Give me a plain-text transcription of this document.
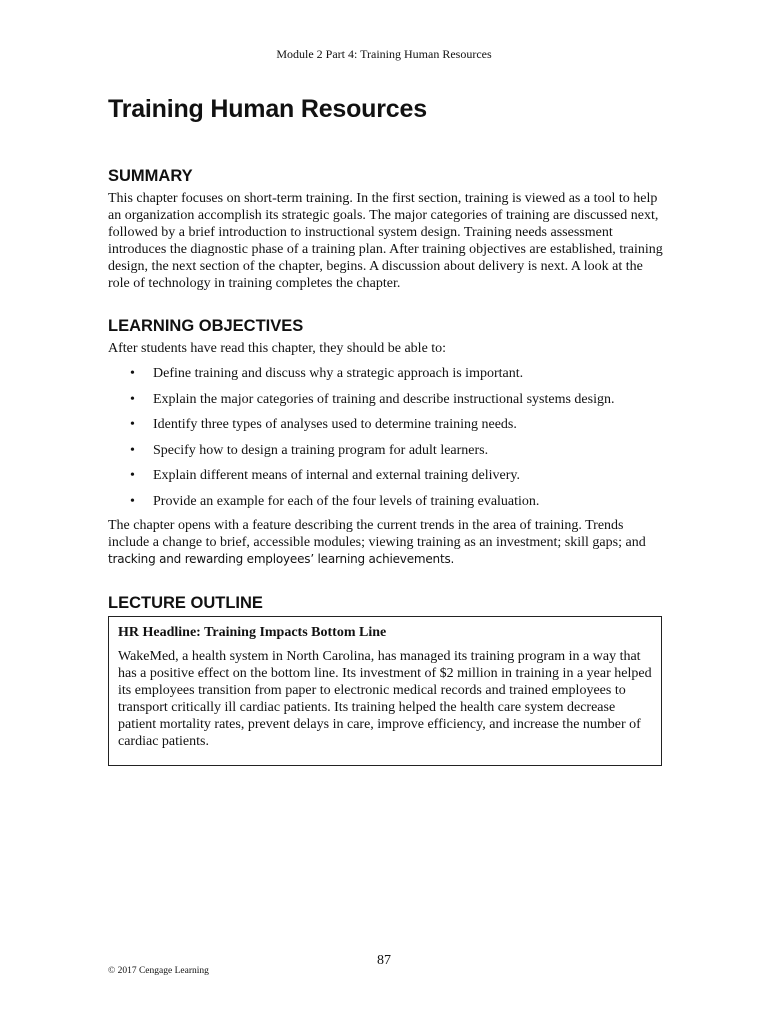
Module 2 Part 4: Training Human Resources
Training Human Resources
SUMMARY

This chapter focuses on short-term training. In the first section, training is viewed as a tool to help an organization accomplish its strategic goals. The major categories of training are discussed next, followed by a brief introduction to instructional system design. Training needs assessment introduces the diagnostic phase of a training plan. After training objectives are established, training design, the next section of the chapter, begins. A discussion about delivery is next. A look at the role of technology in training completes the chapter.

LEARNING OBJECTIVES

After students have read this chapter, they should be able to:

• Define training and discuss why a strategic approach is important.
• Explain the major categories of training and describe instructional systems design.
• Identify three types of analyses used to determine training needs.
• Specify how to design a training program for adult learners.
• Explain different means of internal and external training delivery.
• Provide an example for each of the four levels of training evaluation.

The chapter opens with a feature describing the current trends in the area of training. Trends include a change to brief, accessible modules; viewing training as an investment; skill gaps; and
tracking and rewarding employees’ learning achievements.

LECTURE OUTLINE

HR Headline: Training Impacts Bottom Line

WakeMed, a health system in North Carolina, has managed its training program in a way that has a positive effect on the bottom line. Its investment of $2 million in training in a year helped its employees transition from paper to electronic medical records and trained employees to transport critically ill cardiac patients. Its training helped the health care system decrease patient mortality rates, prevent delays in care, improve efficiency, and increase the number of cardiac patients.

87
© 2017 Cengage Learning
